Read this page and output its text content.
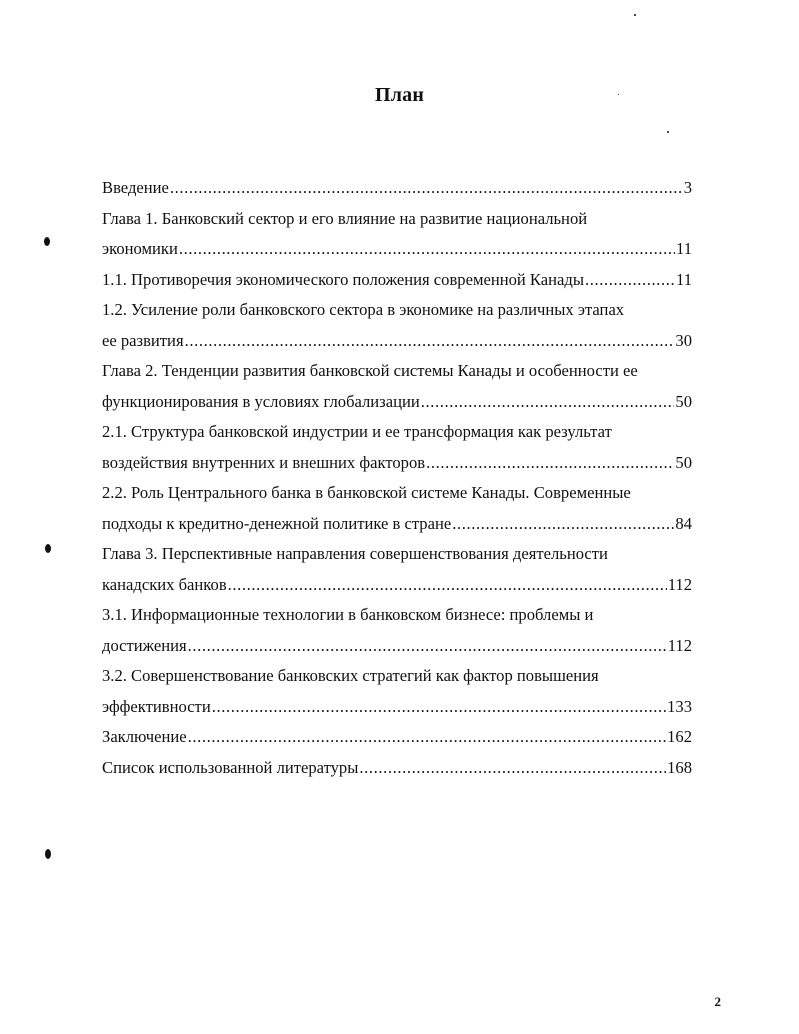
План
Введение .....	3
Глава 1. Банковский сектор и его влияние на развитие национальной
экономики .....	11
1.1. Противоречия экономического положения современной Канады .....	11
1.2. Усиление роли банковского сектора в экономике на различных этапах
ее развития .....	30
Глава 2. Тенденции развития банковской системы Канады и особенности ее
функционирования в условиях глобализации .....	50
2.1. Структура банковской индустрии и ее трансформация как результат
воздействия внутренних и внешних факторов .....	50
2.2. Роль Центрального банка в банковской системе Канады. Современные
подходы к кредитно-денежной политике в стране .....	84
Глава 3. Перспективные направления совершенствования деятельности
канадских банков .....	112
3.1. Информационные технологии в банковском бизнесе: проблемы и
достижения .....	112
3.2. Совершенствование банковских стратегий как фактор повышения
эффективности .....	133
Заключение .....	162
Список использованной литературы .....	168
2
